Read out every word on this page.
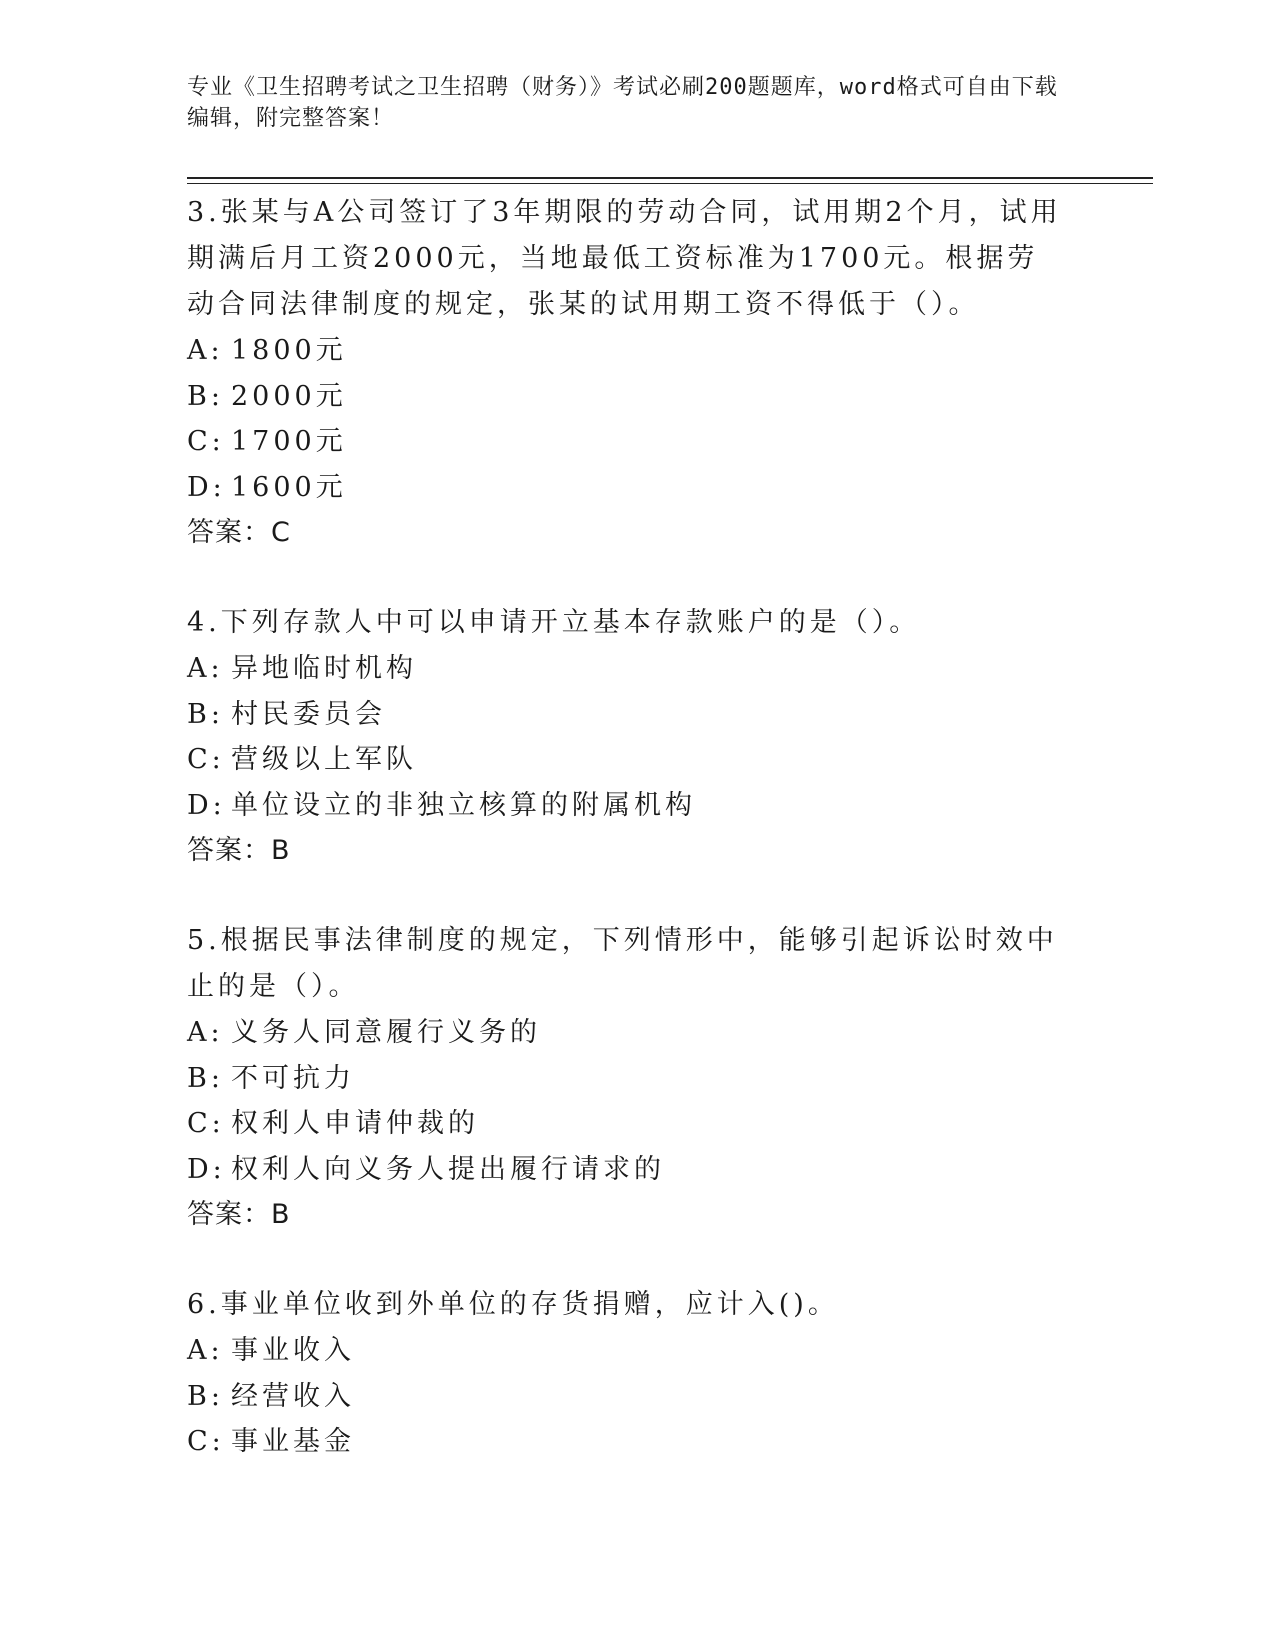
专业《卫生招聘考试之卫生招聘（财务）》考试必刷200题题库，word格式可自由下载编辑，附完整答案！
3.张某与A公司签订了3年期限的劳动合同，试用期2个月，试用期满后月工资2000元，当地最低工资标准为1700元。根据劳动合同法律制度的规定，张某的试用期工资不得低于（）。
A: 1800元
B: 2000元
C: 1700元
D: 1600元
答案：C
4.下列存款人中可以申请开立基本存款账户的是（）。
A: 异地临时机构
B: 村民委员会
C: 营级以上军队
D: 单位设立的非独立核算的附属机构
答案：B
5.根据民事法律制度的规定，下列情形中，能够引起诉讼时效中止的是（）。
A: 义务人同意履行义务的
B: 不可抗力
C: 权利人申请仲裁的
D: 权利人向义务人提出履行请求的
答案：B
6.事业单位收到外单位的存货捐赠，应计入()。
A: 事业收入
B: 经营收入
C: 事业基金
